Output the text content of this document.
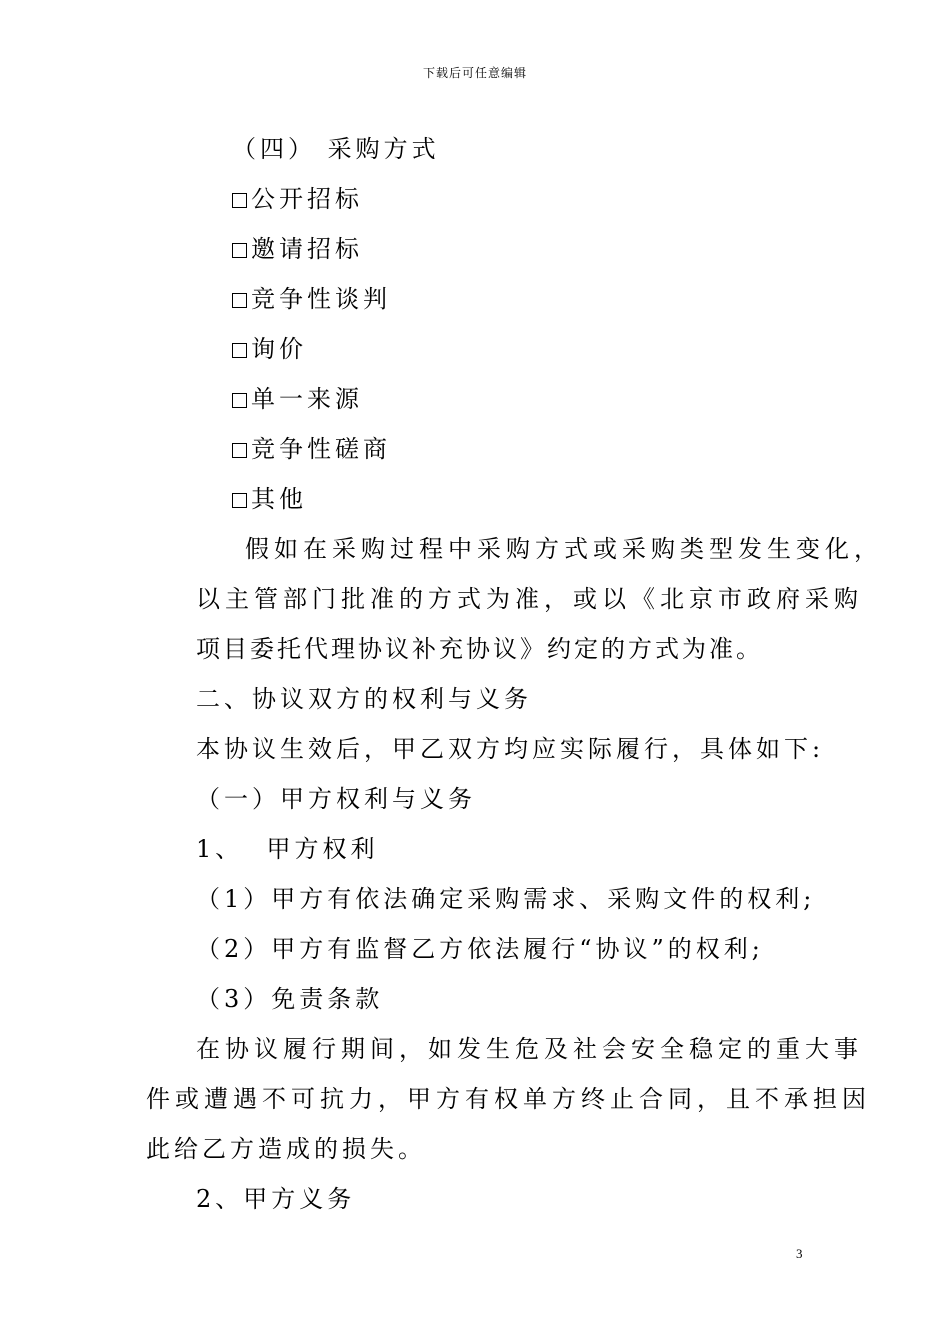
下载后可任意编辑
（四） 采购方式
公开招标
邀请招标
竞争性谈判
询价
单一来源
竞争性磋商
其他
假如在采购过程中采购方式或采购类型发生变化，
以主管部门批准的方式为准，或以《北京市政府采购
项目委托代理协议补充协议》约定的方式为准。
二、协议双方的权利与义务
本协议生效后，甲乙双方均应实际履行，具体如下:
（一）甲方权利与义务
1、  甲方权利
（1）甲方有依法确定采购需求、采购文件的权利;
（2）甲方有监督乙方依法履行“协议”的权利;
（3）免责条款
在协议履行期间，如发生危及社会安全稳定的重大事
件或遭遇不可抗力，甲方有权单方终止合同，且不承担因
此给乙方造成的损失。
2、甲方义务
3
